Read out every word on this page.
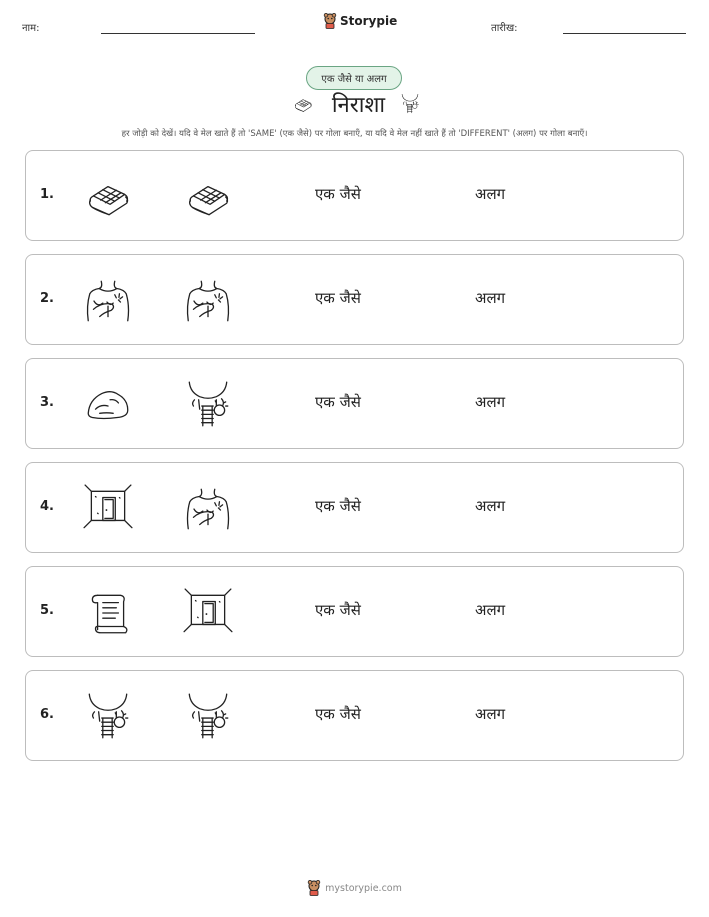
नाम:
Storypie
तारीख:
एक जैसे या अलग
निराशा
हर जोड़ी को देखें। यदि वे मेल खाते हैं तो 'SAME' (एक जैसे) पर गोला बनाएँ, या यदि वे मेल नहीं खाते हैं तो 'DIFFERENT' (अलग) पर गोला बनाएँ।
1.	एक जैसे	अलग
2.	एक जैसे	अलग
3.	एक जैसे	अलग
4.	एक जैसे	अलग
5.	एक जैसे	अलग
6.	एक जैसे	अलग
mystorypie.com
